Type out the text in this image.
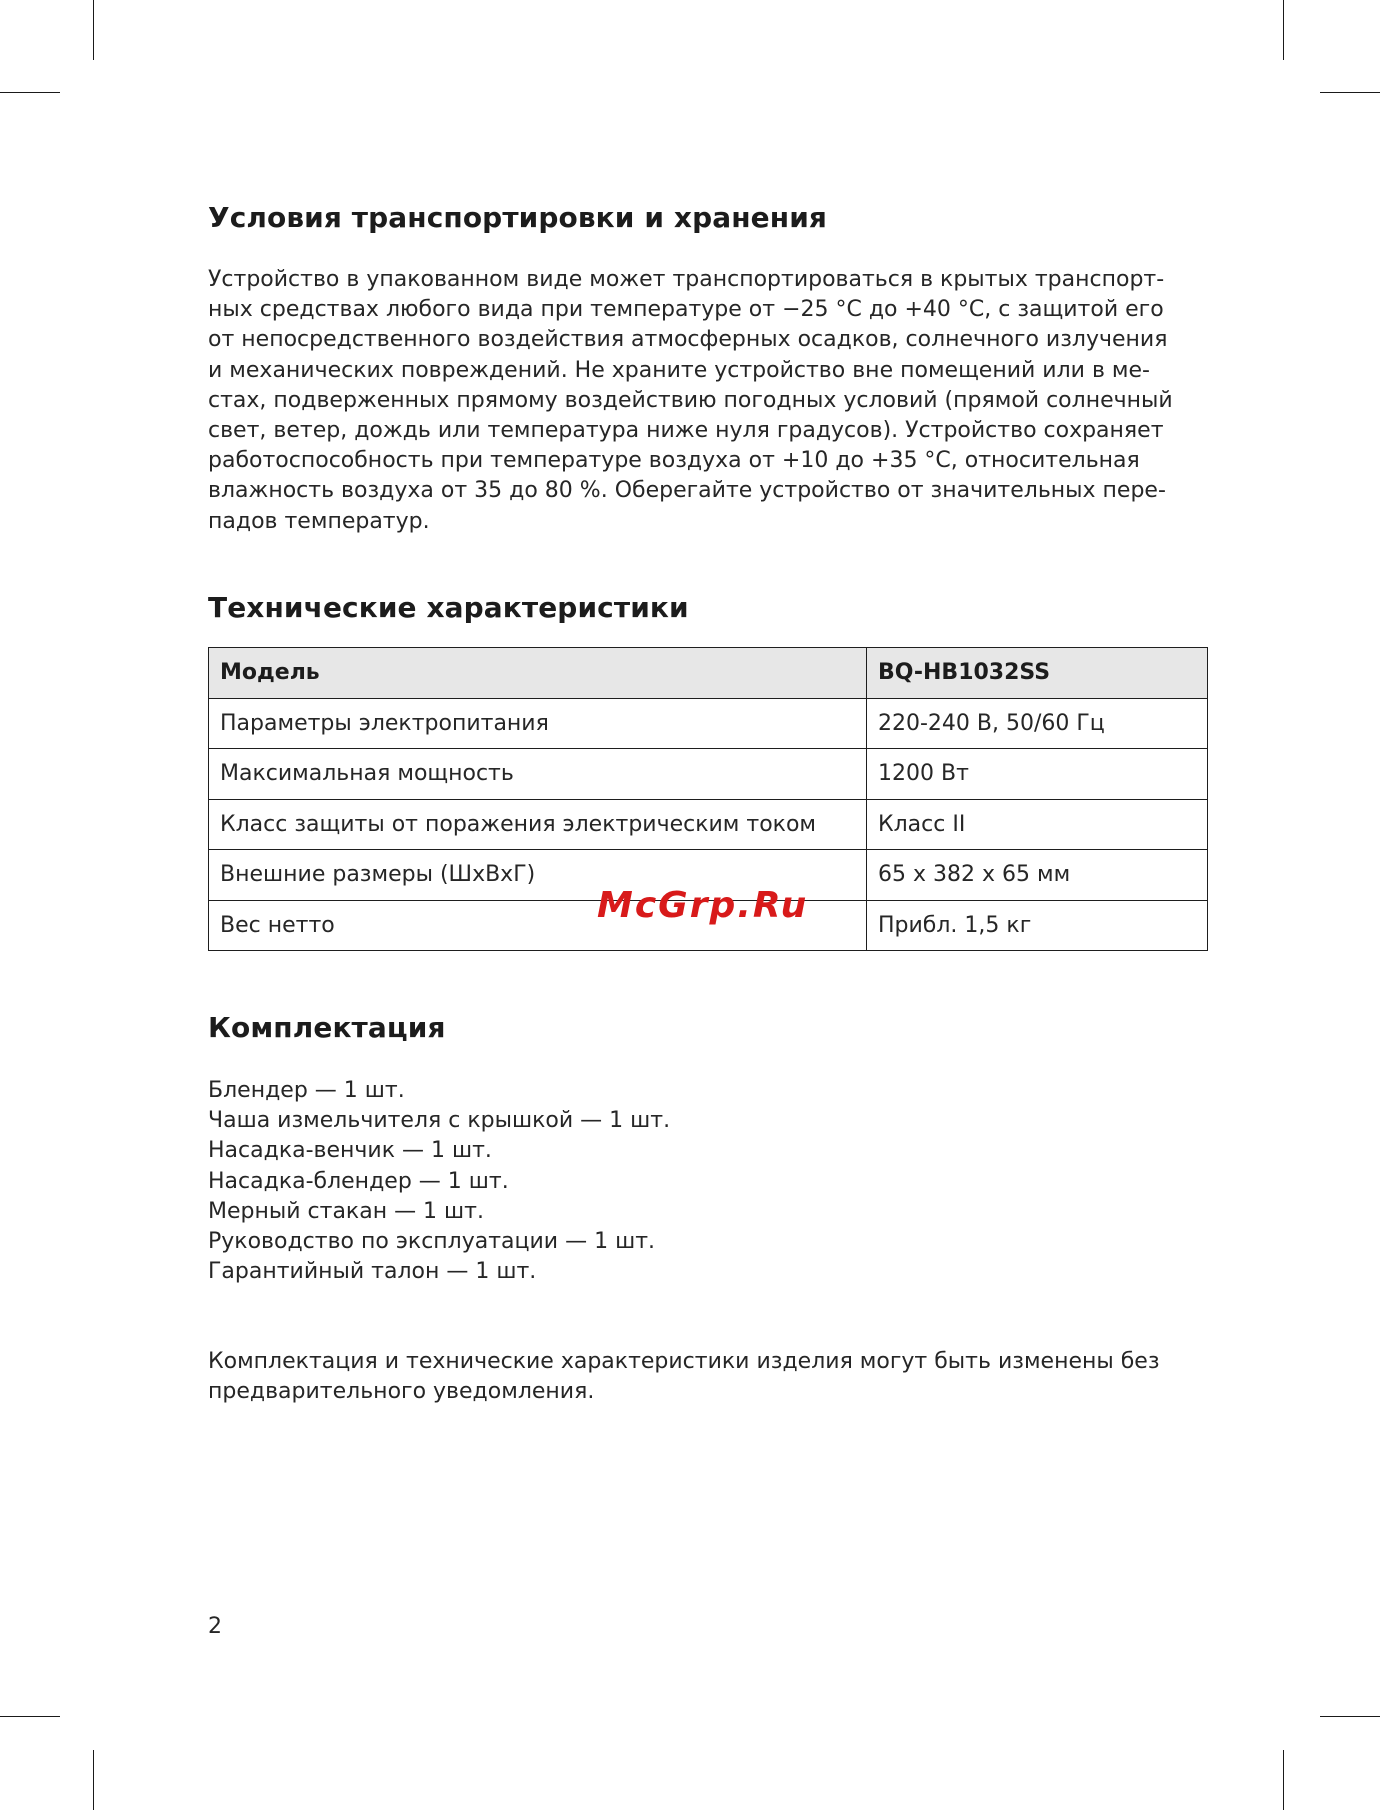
Условия транспортировки и хранения
Устройство в упакованном виде может транспортироваться в крытых транспорт-
ных средствах любого вида при температуре от −25 °С до +40 °С, с защитой его
от непосредственного воздействия атмосферных осадков, солнечного излучения
и механических повреждений. Не храните устройство вне помещений или в ме-
стах, подверженных прямому воздействию погодных условий (прямой солнечный
свет, ветер, дождь или температура ниже нуля градусов). Устройство сохраняет
работоспособность при температуре воздуха от +10 до +35 °С, относительная
влажность воздуха от 35 до 80 %. Оберегайте устройство от значительных пере-
падов температур.
Технические характеристики
Модель	BQ-HB1032SS
Параметры электропитания	220-240 В, 50/60 Гц
Максимальная мощность	1200 Вт
Класс защиты от поражения электрическим током	Класс II
Внешние размеры (ШхВхГ)	65 х 382 х 65 мм
Вес нетто	Прибл. 1,5 кг
Комплектация
Блендер — 1 шт.
Чаша измельчителя с крышкой — 1 шт.
Насадка-венчик — 1 шт.
Насадка-блендер — 1 шт.
Мерный стакан — 1 шт.
Руководство по эксплуатации — 1 шт.
Гарантийный талон — 1 шт.
Комплектация и технические характеристики изделия могут быть изменены без
предварительного уведомления.
McGrp.Ru
2
